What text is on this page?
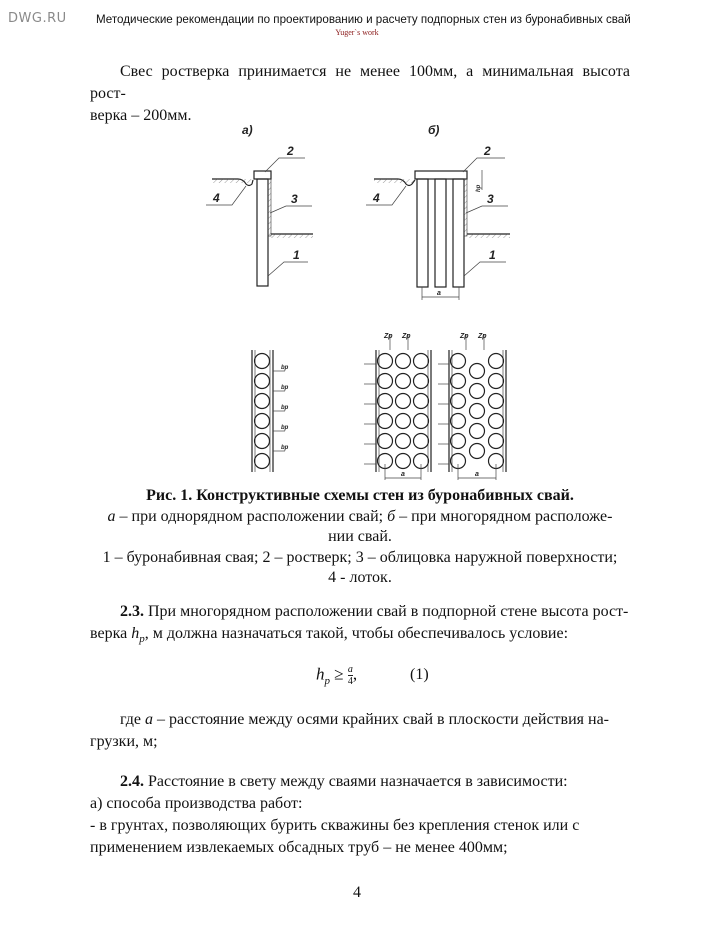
DWG.RU	Методические рекомендации по проектированию и расчету подпорных стен из буронабивных свай
Yuger`s work
Свес ростверка принимается не менее 100мм, а минимальная высота рост-
верка – 200мм.
а)
2
3
4
1
б)
a
hp
2
3
4
1
bp
bp
bp
bp
bp
Zp Zp	Zp Zp
a	a
Рис. 1. Конструктивные схемы стен из буронабивных свай.
а – при однорядном расположении свай; б – при многорядном расположе-
нии свай.
1 – буронабивная свая; 2 – ростверк; 3 – облицовка наружной поверхности;
4 - лоток.
2.3. При многорядном расположении свай в подпорной стене высота рост-
верка $h_p$, м должна назначаться такой, чтобы обеспечивалось условие:
$h_p \ge \frac{a}{4}$ ,	(1)
где a – расстояние между осями крайних свай в плоскости действия на-
грузки, м;
2.4. Расстояние в свету между сваями назначается в зависимости:
а) способа производства работ:
- в грунтах, позволяющих бурить скважины без крепления стенок или с
применением извлекаемых обсадных труб – не менее 400мм;
4
